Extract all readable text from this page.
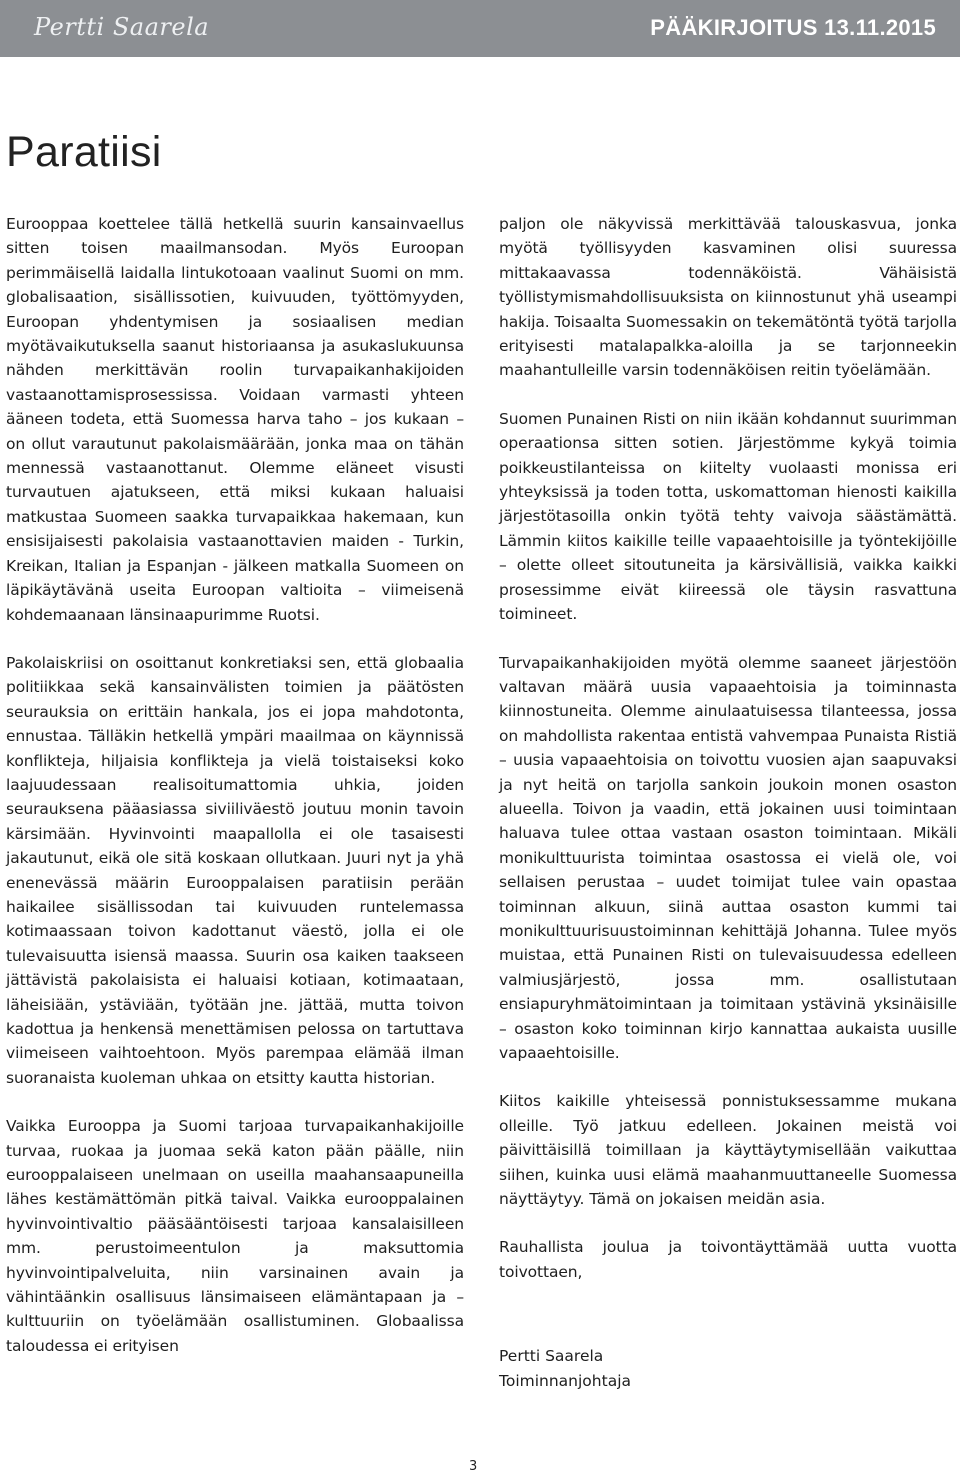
Pertti Saarela	PÄÄKIRJOITUS 13.11.2015
Paratiisi

Eurooppaa koettelee tällä hetkellä suurin kansainvaellus sitten toisen maailmansodan. Myös Euroopan perimmäisellä laidalla lintukotoaan vaalinut Suomi on mm. globalisaation, sisällissotien, kuivuuden, työttömyyden, Euroopan yhdentymisen ja sosiaalisen median myötävaikutuksella saanut historiaansa ja asukaslukuunsa nähden merkittävän roolin turvapaikanhakijoiden vastaanottamisprosessissa. Voidaan varmasti yhteen ääneen todeta, että Suomessa harva taho – jos kukaan – on ollut varautunut pakolaismäärään, jonka maa on tähän mennessä vastaanottanut. Olemme eläneet visusti turvautuen ajatukseen, että miksi kukaan haluaisi matkustaa Suomeen saakka turvapaikkaa hakemaan, kun ensisijaisesti pakolaisia vastaanottavien maiden - Turkin, Kreikan, Italian ja Espanjan - jälkeen matkalla Suomeen on läpikäytävänä useita Euroopan valtioita – viimeisenä kohdemaanaan länsinaapurimme Ruotsi.

Pakolaiskriisi on osoittanut konkretiaksi sen, että globaalia politiikkaa sekä kansainvälisten toimien ja päätösten seurauksia on erittäin hankala, jos ei jopa mahdotonta, ennustaa. Tälläkin hetkellä ympäri maailmaa on käynnissä konflikteja, hiljaisia konflikteja ja vielä toistaiseksi koko laajuudessaan realisoitumattomia uhkia, joiden seurauksena pääasiassa siviiliväestö joutuu monin tavoin kärsimään. Hyvinvointi maapallolla ei ole tasaisesti jakautunut, eikä ole sitä koskaan ollutkaan. Juuri nyt ja yhä enenevässä määrin Eurooppalaisen paratiisin perään haikailee sisällissodan tai kuivuuden runtelemassa kotimaassaan toivon kadottanut väestö, jolla ei ole tulevaisuutta isiensä maassa. Suurin osa kaiken taakseen jättävistä pakolaisista ei haluaisi kotiaan, kotimaataan, läheisiään, ystäviään, työtään jne. jättää, mutta toivon kadottua ja henkensä menettämisen pelossa on tartuttava viimeiseen vaihtoehtoon. Myös parempaa elämää ilman suoranaista kuoleman uhkaa on etsitty kautta historian.

Vaikka Eurooppa ja Suomi tarjoaa turvapaikanhakijoille turvaa, ruokaa ja juomaa sekä katon pään päälle, niin eurooppalaiseen unelmaan on useilla maahansaapuneilla lähes kestämättömän pitkä taival. Vaikka eurooppalainen hyvinvointivaltio pääsääntöisesti tarjoaa kansalaisilleen mm. perustoimeentulon ja maksuttomia hyvinvointipalveluita, niin varsinainen avain ja vähintäänkin osallisuus länsimaiseen elämäntapaan ja –kulttuuriin on työelämään osallistuminen. Globaalissa taloudessa ei erityisen

paljon ole näkyvissä merkittävää talouskasvua, jonka myötä työllisyyden kasvaminen olisi suuressa mittakaavassa todennäköistä. Vähäisistä työllistymismahdollisuuksista on kiinnostunut yhä useampi hakija. Toisaalta Suomessakin on tekemätöntä työtä tarjolla erityisesti matalapalkka-aloilla ja se tarjonneekin maahantulleille varsin todennäköisen reitin työelämään.

Suomen Punainen Risti on niin ikään kohdannut suurimman operaationsa sitten sotien. Järjestömme kykyä toimia poikkeustilanteissa on kiitelty vuolaasti monissa eri yhteyksissä ja toden totta, uskomattoman hienosti kaikilla järjestötasoilla onkin työtä tehty vaivoja säästämättä. Lämmin kiitos kaikille teille vapaaehtoisille ja työntekijöille – olette olleet sitoutuneita ja kärsivällisiä, vaikka kaikki prosessimme eivät kiireessä ole täysin rasvattuna toimineet.

Turvapaikanhakijoiden myötä olemme saaneet järjestöön valtavan määrä uusia vapaaehtoisia ja toiminnasta kiinnostuneita. Olemme ainulaatuisessa tilanteessa, jossa on mahdollista rakentaa entistä vahvempaa Punaista Ristiä – uusia vapaaehtoisia on toivottu vuosien ajan saapuvaksi ja nyt heitä on tarjolla sankoin joukoin monen osaston alueella. Toivon ja vaadin, että jokainen uusi toimintaan haluava tulee ottaa vastaan osaston toimintaan. Mikäli monikulttuurista toimintaa osastossa ei vielä ole, voi sellaisen perustaa – uudet toimijat tulee vain opastaa toiminnan alkuun, siinä auttaa osaston kummi tai monikulttuurisuustoiminnan kehittäjä Johanna. Tulee myös muistaa, että Punainen Risti on tulevaisuudessa edelleen valmiusjärjestö, jossa mm. osallistutaan ensiapuryhmätoimintaan ja toimitaan ystävinä yksinäisille – osaston koko toiminnan kirjo kannattaa aukaista uusille vapaaehtoisille.

Kiitos kaikille yhteisessä ponnistuksessamme mukana olleille. Työ jatkuu edelleen. Jokainen meistä voi päivittäisillä toimillaan ja käyttäytymisellään vaikuttaa siihen, kuinka uusi elämä maahanmuuttaneelle Suomessa näyttäytyy. Tämä on jokaisen meidän asia.

Rauhallista joulua ja toivontäyttämää uutta vuotta toivottaen,

Pertti Saarela
Toiminnanjohtaja
3
